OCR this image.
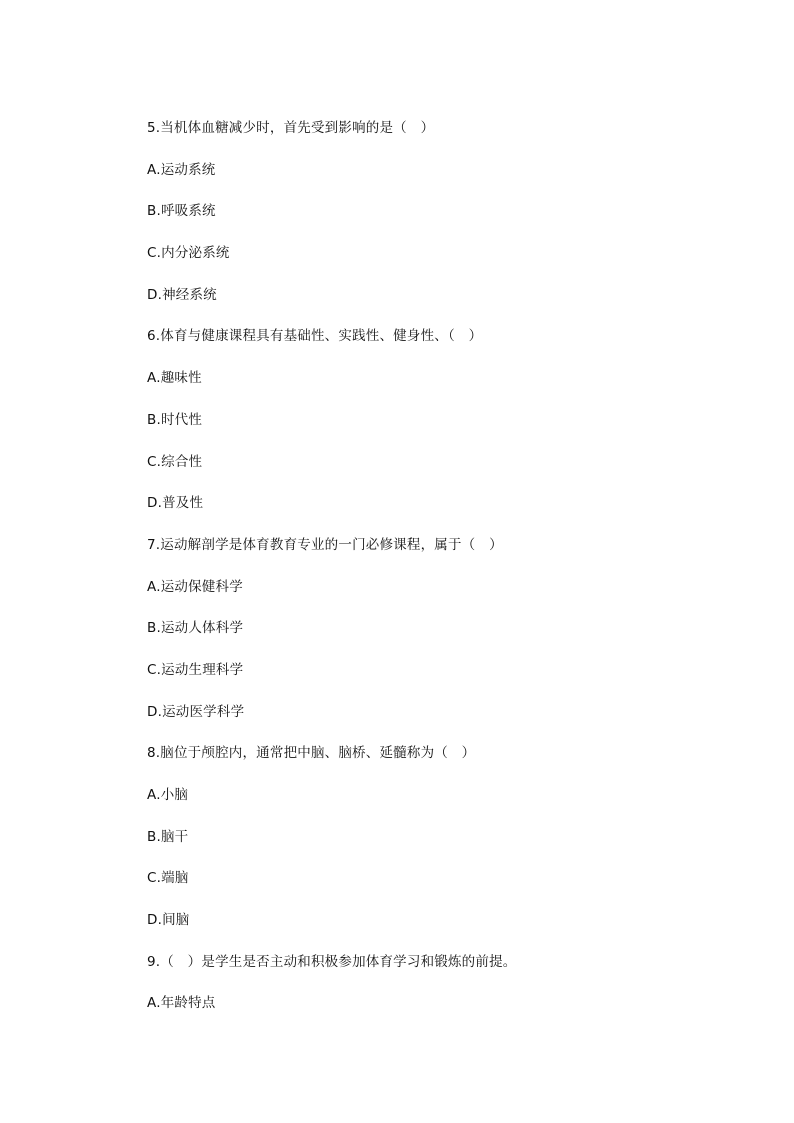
5.当机体血糖减少时，首先受到影响的是（　）
A.运动系统
B.呼吸系统
C.内分泌系统
D.神经系统
6.体育与健康课程具有基础性、实践性、健身性、（　）
A.趣味性
B.时代性
C.综合性
D.普及性
7.运动解剖学是体育教育专业的一门必修课程，属于（　）
A.运动保健科学
B.运动人体科学
C.运动生理科学
D.运动医学科学
8.脑位于颅腔内，通常把中脑、脑桥、延髓称为（　）
A.小脑
B.脑干
C.端脑
D.间脑
9.（　）是学生是否主动和积极参加体育学习和锻炼的前提。
A.年龄特点
